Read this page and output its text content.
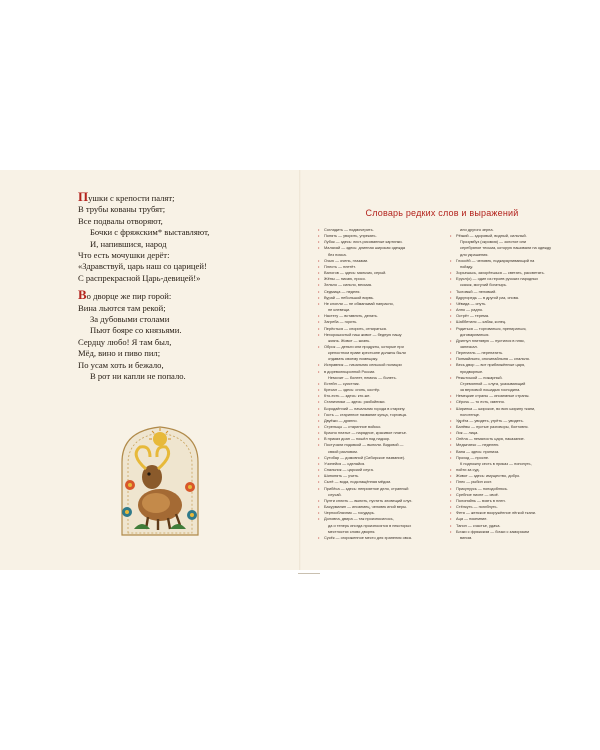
Пушки с крепости палят;
В трубы кованы трубят;
Все подвалы отворяют,
Бочки с фряжским* выставляют,
И, напившися, народ
Что есть мочушки дерёт:
«Здравствуй, царь наш со царицей!
С распрекрасной Царь-девицей!»
Во дворце же пир горой:
Вина льются там рекой;
За дубовыми столами
Пьют бояре со князьями.
Сердцу любо! Я там был,
Мёд, вино и пиво пил;
По усам хоть и бежало,
В рот ни капли не попало.
Словарь редких слов и выражений
• Согладить — подмочерить.
• Понять — уворить, упрекать.
• Лубок — здесь: лист-рисованные картинки.
• Малахай — здесь: длинная широкая одежда
без пояса.
• Очью — очень, глазами.
• Плесть — плетёт.
• Валогов — здесь: мальчик, серый.
• Жёны — писаю, просо.
• Зельно — сильно, весьма.
• Седмица — неделя.
• Вурай — небольшой вирвь.
• Не клопли — не обманывай напрасно,
не клевещи.
• Настегу — вставлять, делать.
• Загреба — горить.
• Перёсться — спорить, отпираться.
• Нехорошистый наш живот — бедную нашу
жизнь. Живот — жизнь.
• Оброк — деньги или продукты, которые при
крепостном праве крестьяне должны были
отдавать своему помещику.
• Исправник — начальник сельской полиции
• в дореволюционной России.
Немочит — болеет, немочь — болеть.
• Естейн — суистник.
• Кресал — здесь: огонь, костёр.
• Кто-есть — здесь: кто-же.
• Станичники — здесь: разбойники.
• Бородаёнчий — начальник города в старину.
• Гость — старинное название купца, торговца.
• Двуёжи — дрянно.
• Стрельцы — старинное войско.
• Красно платье — нарядное, красивое платье.
• В прикаэ доан — пошёл под надзор.
• Постучали пядовкой — выпили. Видовой —
свяой разловом.
• Сутобар — домовной (Сибирское название).
• Учинейся — сделайся.
• Спальник — царский слуга.
• Шипонять — учить.
• Сытё — вода, подслащённая мёдом.
• Прибёса — здесь: неприятное дело, странный
случай.
• Пулти сплить — выпить, пустить зловещий слух.
• Басурманин — иноземец, человек иной веры.
• Чернооблачник — государь.
• Доловна, двира — так произносилось,
да и теперь иногда произносятся в некоторых
местностях слово дворня.
• Сусёк — огороженное место для хранения овса.
или другого зерна.
• Рёзкий — здоровый, видный, сильный.
Прозумбуз (окромия) — золотое или
серебряное тесьма, которую нашивали на одежду
для украшения.
• Глоссёй — человек, подкарауливающий на
пойзду.
• Зорьешьсь, захорёешься — светать, рассветать.
• Ерусл(о) — один из героев русских народных
сказок, могучий богатырь.
• Тыловый — неловкий.
• Вдругоредь — в другой раз, снова.
• Чёвида — спуть.
• Анно — радно.
• Острёт — терема.
• Шаббетиля — кабак, конец.
• Рядиться — торговаться, препираться,
договариваться.
• Дригнул плитявую — пустился в пляс,
заплясал.
• Перенатль — перепатить.
• Понмайлыня, опочинайлыня — спальня.
• Весь двор — вот приближённые царя,
придворные.
• Рекштськой — пожарный.
Стремянной — слуга, указывающий
за верховой лошадью господина.
• Немецкие страны — иноземные страны.
• Сёрочь — то есть, именно.
• Ширинка — широкое, во всю ширину ткани,
полотенце.
• Удрёга — увидеть, угрёть — увидеть.
• Балёвы — пустые разговоры, болтовня.
• Лик — лица.
• Опёла — немалость царя, наказание.
• Медынатко — неделею.
• Вана — здесь: приниза.
• Проход — просне.
К подножну сесть в приказ — попонуть,
• пойти за суд.
• Живот — здесь: имущество, добро.
• Плес — рыбин кост.
• Прикунуусь — поподоблюсь.
• Сребное ниспе — своё.
• Полоняйнь — взять в плен.
• Стёлкуть — погибнуть.
• Фетя — женское вооружённое лёгкой ткани.
• Аца — покемние.
• Танон — счастье, удача.
• Бочки с фряжским — бочки с заморским
вином.
